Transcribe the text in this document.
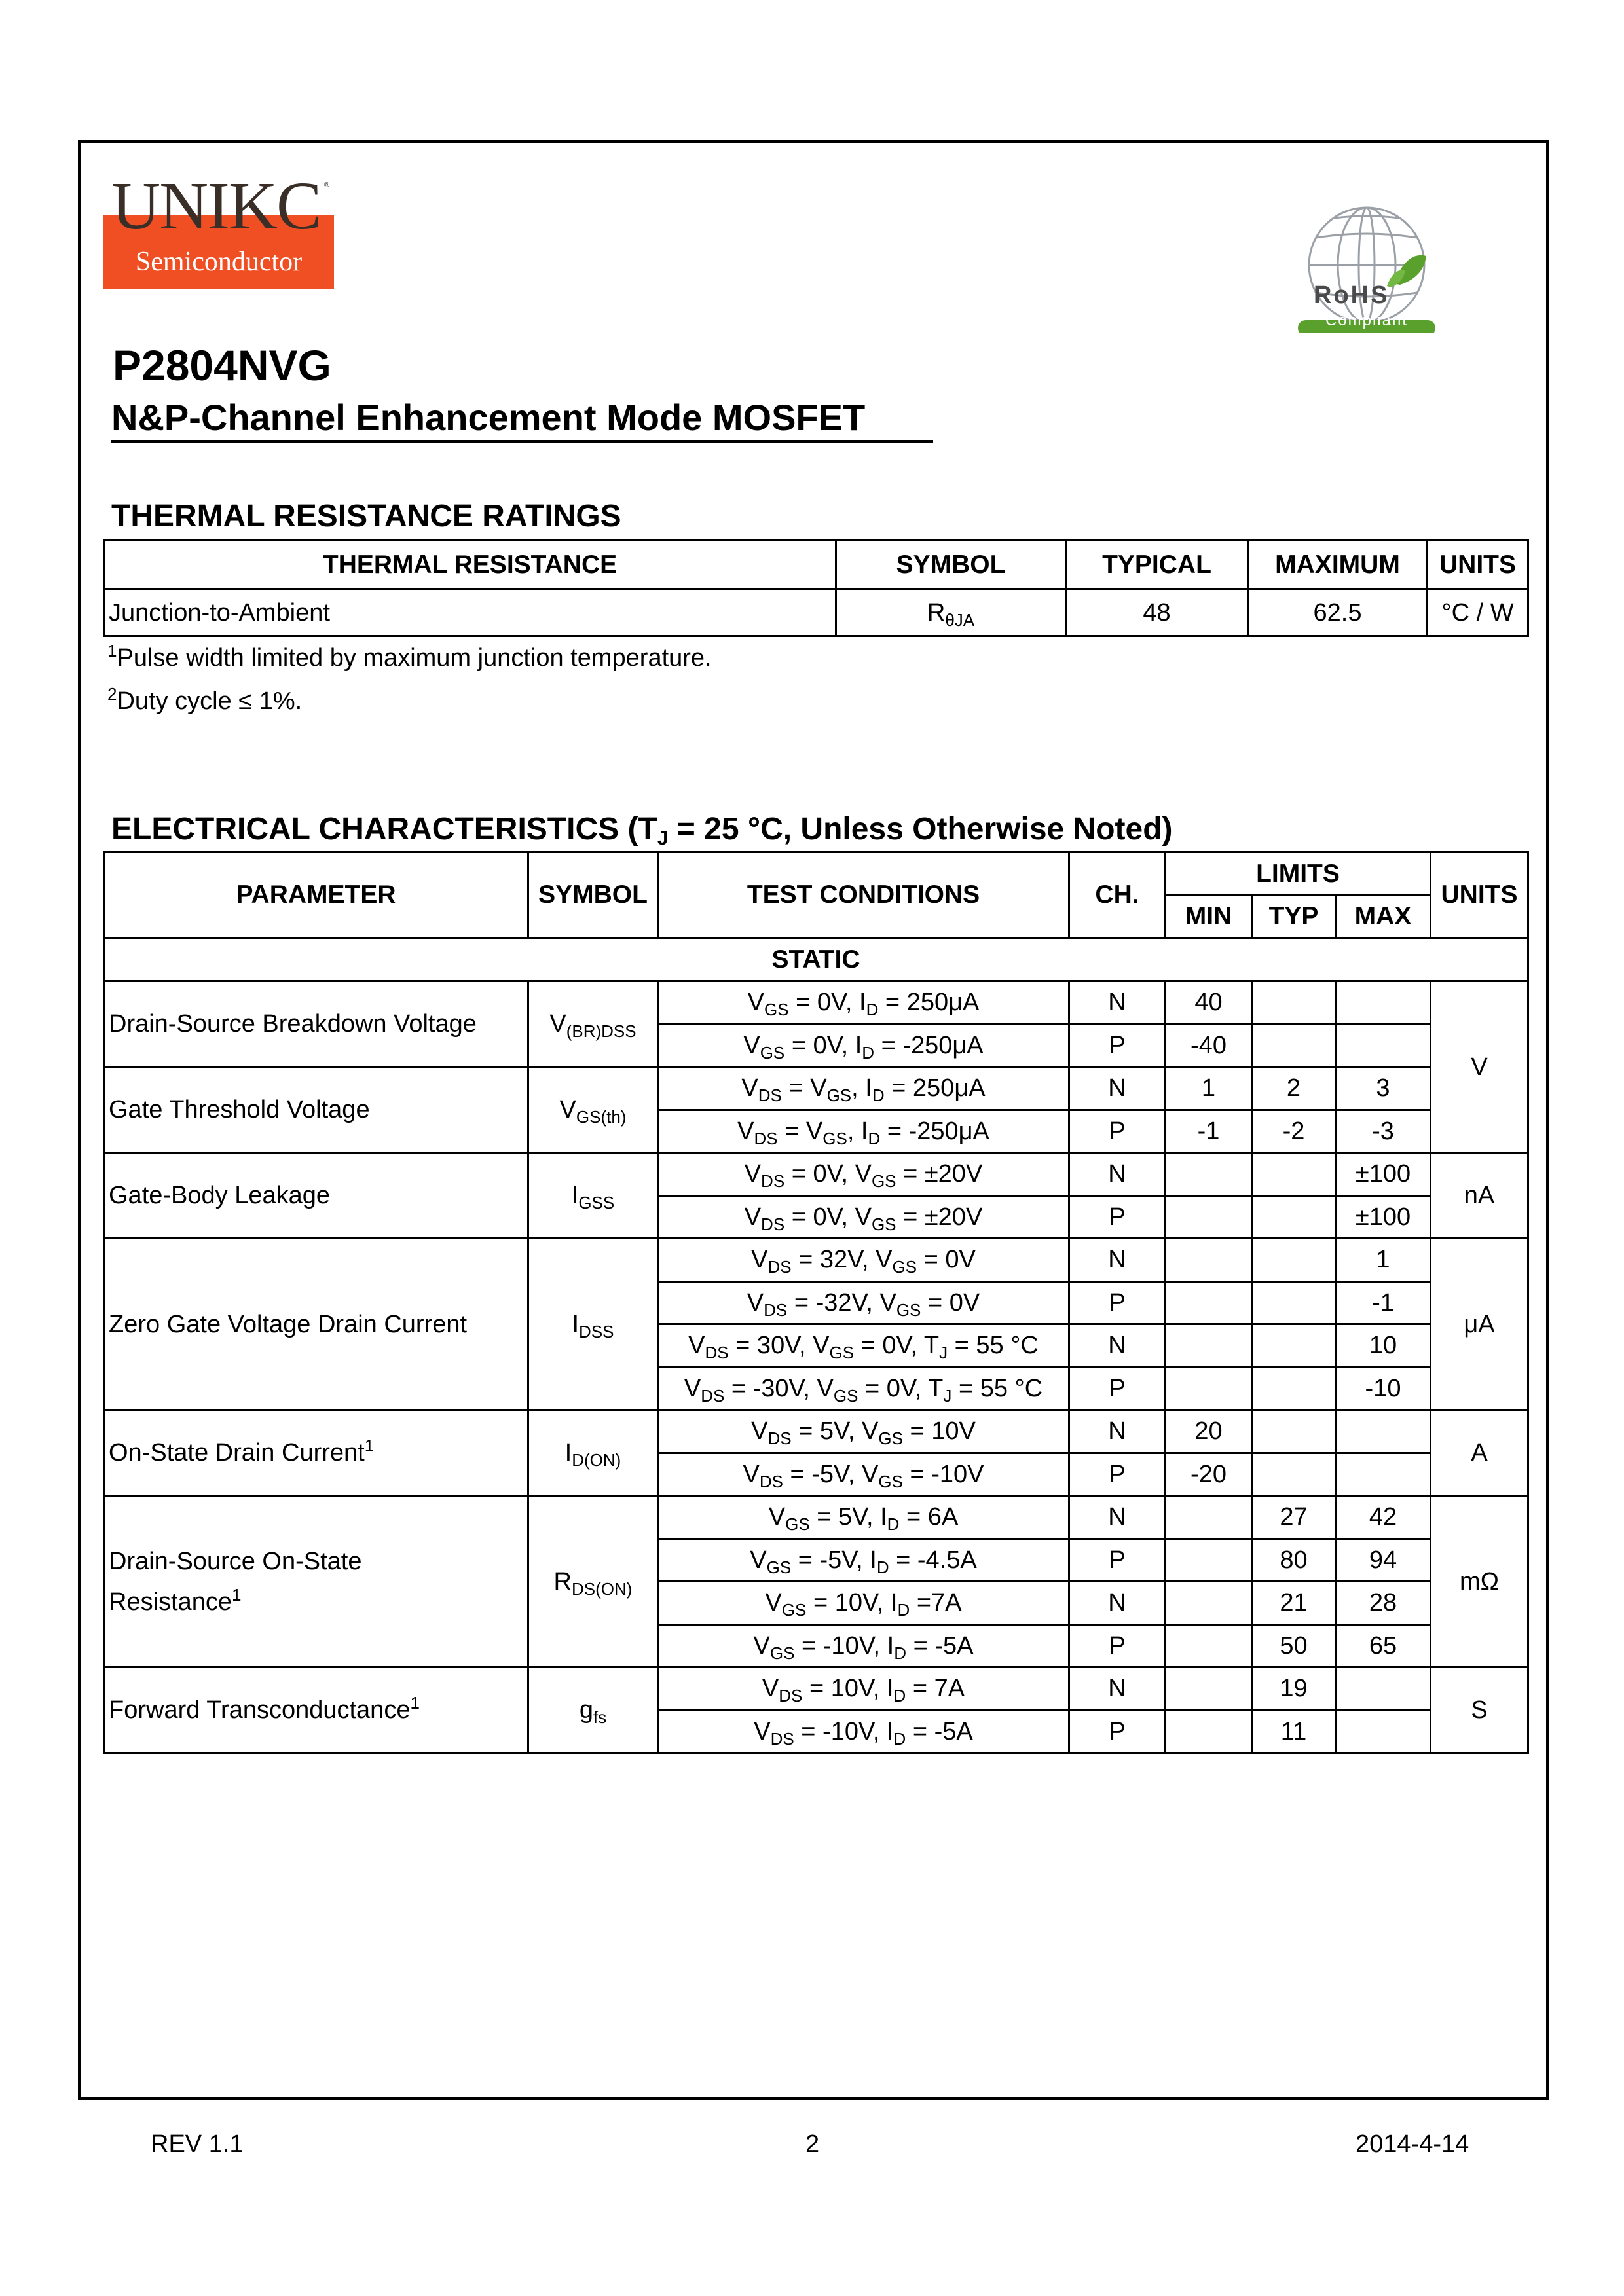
UNIKC ®
Semiconductor
RoHS
Compliant
P2804NVG
N&P-Channel Enhancement Mode MOSFET
THERMAL RESISTANCE RATINGS
THERMAL RESISTANCE	SYMBOL	TYPICAL	MAXIMUM	UNITS
Junction-to-Ambient	$R_{\theta JA}$	48	62.5	°C / W
$^1$Pulse width limited by maximum junction temperature.
$^2$Duty cycle ≤ 1%.
ELECTRICAL CHARACTERISTICS ($T_J = 25$ °C, Unless Otherwise Noted)
PARAMETER	SYMBOL	TEST CONDITIONS	CH.	LIMITS			UNITS
				MIN	TYP	MAX	
STATIC							
Drain-Source Breakdown Voltage	$V_{(BR)DSS}$	$V_{GS} = 0V$, $I_D = 250\mu A$	N	40			V
		$V_{GS} = 0V$, $I_D = -250\mu A$	P	-40			
Gate Threshold Voltage	$V_{GS(th)}$	$V_{DS} = V_{GS}$, $I_D = 250\mu A$	N	1	2	3	
		$V_{DS} = V_{GS}$, $I_D = -250\mu A$	P	-1	-2	-3	
Gate-Body Leakage	$I_{GSS}$	$V_{DS} = 0V$, $V_{GS} = \pm 20V$	N			±100	nA
		$V_{DS} = 0V$, $V_{GS} = \pm 20V$	P			±100	
Zero Gate Voltage Drain Current	$I_{DSS}$	$V_{DS} = 32V$, $V_{GS} = 0V$	N			1	μA
		$V_{DS} = -32V$, $V_{GS} = 0V$	P			-1	
		$V_{DS} = 30V$, $V_{GS} = 0V$, $T_J = 55$ °C	N			10	
		$V_{DS} = -30V$, $V_{GS} = 0V$, $T_J = 55$ °C	P			-10	
On-State Drain Current$^1$	$I_{D(ON)}$	$V_{DS} = 5V$, $V_{GS} = 10V$	N	20			A
		$V_{DS} = -5V$, $V_{GS} = -10V$	P	-20			
Drain-Source On-State
Resistance$^1$	$R_{DS(ON)}$	$V_{GS} = 5V$, $I_D = 6A$	N		27	42	mΩ
		$V_{GS} = -5V$, $I_D = -4.5A$	P		80	94	
		$V_{GS} = 10V$, $I_D =7A$	N		21	28	
		$V_{GS} = -10V$, $I_D = -5A$	P		50	65	
Forward Transconductance$^1$	$g_{fs}$	$V_{DS} = 10V$, $I_D = 7A$	N		19		S
		$V_{DS} = -10V$, $I_D = -5A$	P		11		
REV 1.1	2	2014-4-14
